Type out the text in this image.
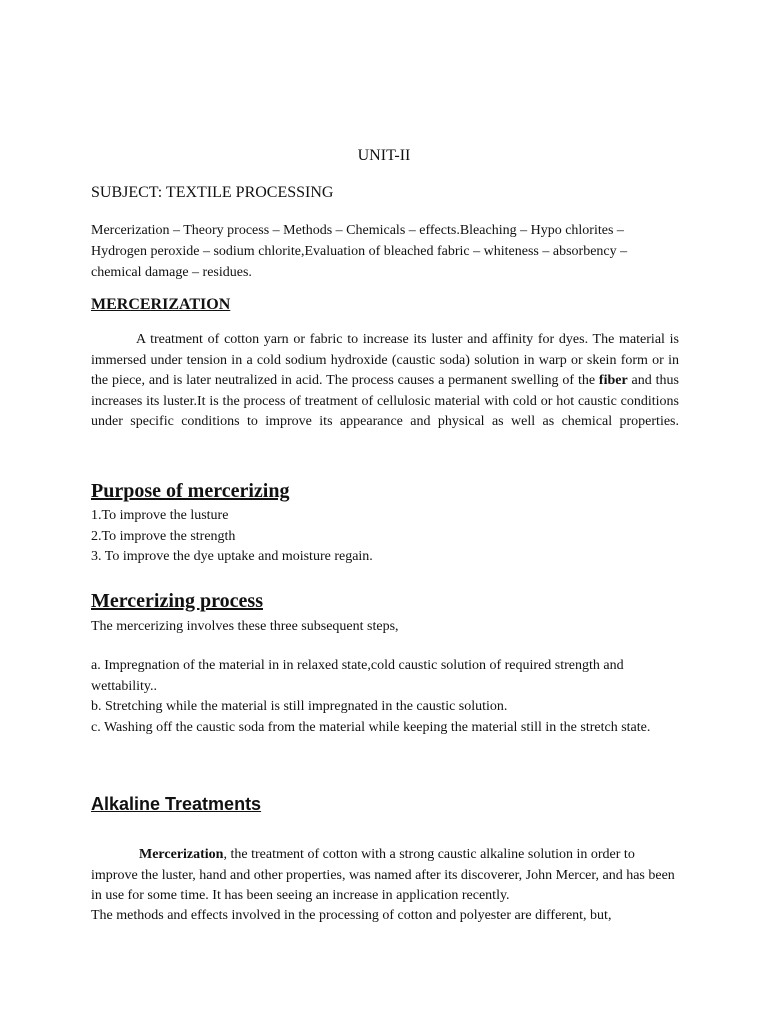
UNIT-II

SUBJECT: TEXTILE PROCESSING

Mercerization – Theory process – Methods – Chemicals – effects.Bleaching – Hypo chlorites –
Hydrogen peroxide – sodium chlorite,Evaluation of bleached fabric – whiteness – absorbency –
chemical damage – residues.

MERCERIZATION

A treatment of cotton yarn or fabric to increase its luster and affinity for dyes. The material is immersed under tension in a cold sodium hydroxide (caustic soda) solution in warp or skein form or in the piece, and is later neutralized in acid. The process causes a permanent swelling of the fiber and thus increases its luster.It is the process of treatment of cellulosic material with cold or hot caustic conditions under specific conditions to improve its appearance and physical as well as chemical properties.

Purpose of mercerizing

1.To improve the lusture
2.To improve the strength
3. To improve the dye uptake and moisture regain.

Mercerizing process

The mercerizing involves these three subsequent steps,

a. Impregnation of the material in in relaxed state,cold caustic solution of required strength and wettability..

b. Stretching while the material is still impregnated in the caustic solution.

c. Washing off the caustic soda from the material while keeping the material still in the stretch state.

Alkaline Treatments

Mercerization, the treatment of cotton with a strong caustic alkaline solution in order to improve the luster, hand and other properties, was named after its discoverer, John Mercer, and has been in use for some time. It has been seeing an increase in application recently.

The methods and effects involved in the processing of cotton and polyester are different, but,
